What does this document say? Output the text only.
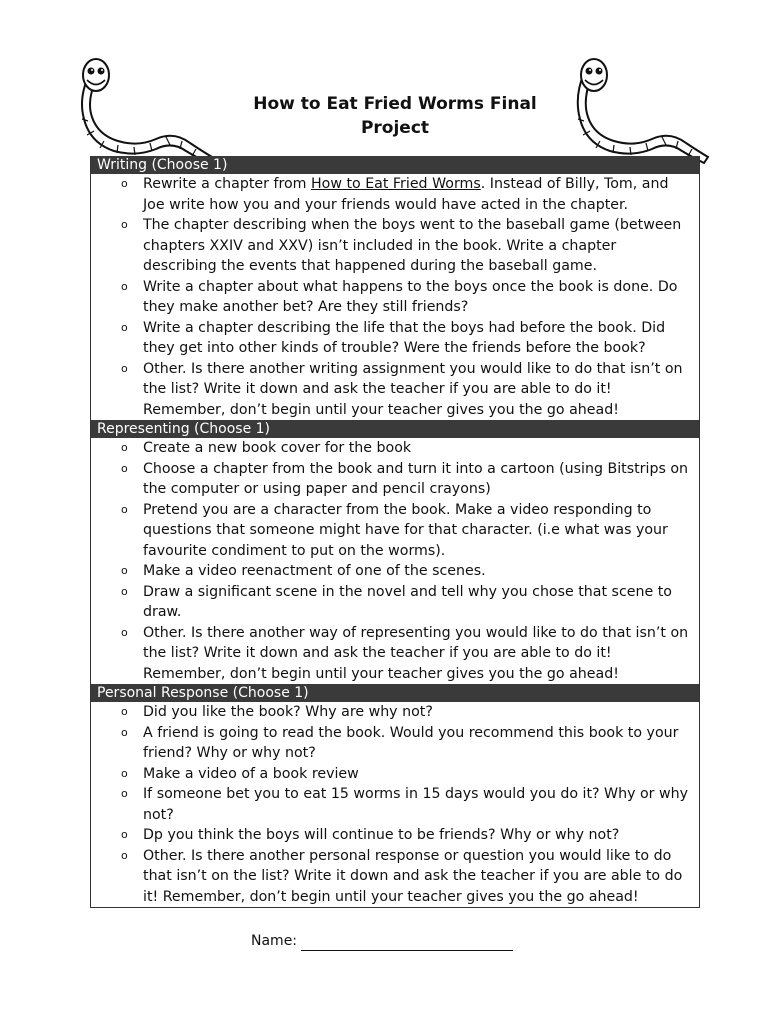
How to Eat Fried Worms Final
Project
Writing (Choose 1)
o Rewrite a chapter from How to Eat Fried Worms. Instead of Billy, Tom, and Joe write how you and your friends would have acted in the chapter.
o The chapter describing when the boys went to the baseball game (between chapters XXIV and XXV) isn’t included in the book. Write a chapter describing the events that happened during the baseball game.
o Write a chapter about what happens to the boys once the book is done. Do they make another bet? Are they still friends?
o Write a chapter describing the life that the boys had before the book. Did they get into other kinds of trouble? Were the friends before the book?
o Other. Is there another writing assignment you would like to do that isn’t on the list? Write it down and ask the teacher if you are able to do it! Remember, don’t begin until your teacher gives you the go ahead!
Representing (Choose 1)
o Create a new book cover for the book
o Choose a chapter from the book and turn it into a cartoon (using Bitstrips on the computer or using paper and pencil crayons)
o Pretend you are a character from the book. Make a video responding to questions that someone might have for that character. (i.e what was your favourite condiment to put on the worms).
o Make a video reenactment of one of the scenes.
o Draw a significant scene in the novel and tell why you chose that scene to draw.
o Other. Is there another way of representing you would like to do that isn’t on the list? Write it down and ask the teacher if you are able to do it! Remember, don’t begin until your teacher gives you the go ahead!
Personal Response (Choose 1)
o Did you like the book? Why are why not?
o A friend is going to read the book. Would you recommend this book to your friend? Why or why not?
o Make a video of a book review
o If someone bet you to eat 15 worms in 15 days would you do it? Why or why not?
o Dp you think the boys will continue to be friends? Why or why not?
o Other. Is there another personal response or question you would like to do that isn’t on the list? Write it down and ask the teacher if you are able to do it! Remember, don’t begin until your teacher gives you the go ahead!
Name:
